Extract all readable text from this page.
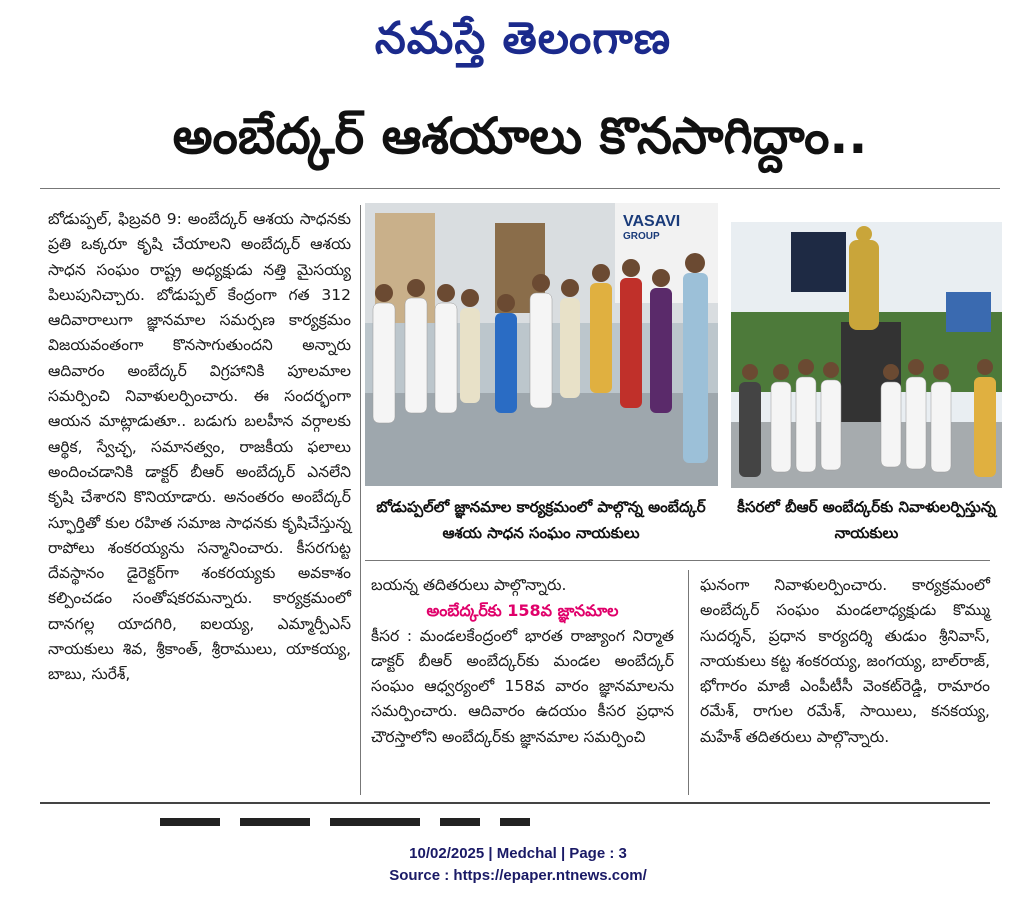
నమస్తే తెలంగాణ
అంబేద్కర్ ఆశయాలు కొనసాగిద్దాం..
బోడుప్పల్, ఫిబ్రవరి 9: అంబేద్కర్ ఆశయ సాధనకు ప్రతి ఒక్కరూ కృషి చేయాలని అంబేద్కర్ ఆశయ సాధన సంఘం రాష్ట్ర అధ్యక్షుడు నత్తి మైసయ్య పిలుపునిచ్చారు. బోడుప్పల్ కేంద్రంగా గత 312 ఆదివారాలుగా జ్ఞానమాల సమర్పణ కార్యక్రమం విజయవంతంగా కొనసాగుతుందని అన్నారు ఆదివారం అంబేద్కర్ విగ్రహానికి పూలమాల సమర్పించి నివాళులర్పించారు. ఈ సందర్భంగా ఆయన మాట్లాడుతూ.. బడుగు బలహీన వర్గాలకు ఆర్థిక, స్వేచ్ఛ, సమానత్వం, రాజకీయ ఫలాలు అందించడానికి డాక్టర్ బీఆర్ అంబేద్కర్ ఎనలేని కృషి చేశారని కొనియాడారు. అనంతరం అంబేద్కర్ స్ఫూర్తితో కుల రహిత సమాజ సాధనకు కృషిచేస్తున్న రాపోలు శంకరయ్యను సన్మానించారు. కీసరగుట్ట దేవస్థానం డైరెక్టర్‌గా శంకరయ్యకు అవకాశం కల్పించడం సంతోషకరమన్నారు. కార్యక్రమంలో దానగల్ల యాదగిరి, ఐలయ్య, ఎమ్మార్పీఎస్ నాయకులు శివ, శ్రీకాంత్, శ్రీరాములు, యాకయ్య, బాబు, సురేశ్,
VASAVI
GROUP
బోడుప్పల్‌లో జ్ఞానమాల కార్యక్రమంలో పాల్గొన్న అంబేద్కర్ ఆశయ సాధన సంఘం నాయకులు
కీసరలో బీఆర్ అంబేద్కర్‌కు నివాళులర్పిస్తున్న నాయకులు
బయన్న తదితరులు పాల్గొన్నారు.
అంబేద్కర్‌కు 158వ జ్ఞానమాల
కీసర : మండలకేంద్రంలో భారత రాజ్యాంగ నిర్మాత డాక్టర్ బీఆర్ అంబేద్కర్‌కు మండల అంబేద్కర్ సంఘం ఆధ్వర్యంలో 158వ వారం జ్ఞానమాలను సమర్పించారు. ఆదివారం ఉదయం కీసర ప్రధాన చౌరస్తాలోని అంబేద్కర్‌కు జ్ఞానమాల సమర్పించి
ఘనంగా నివాళులర్పించారు. కార్యక్రమంలో అంబేద్కర్ సంఘం మండలాధ్యక్షుడు కొమ్ము సుదర్శన్, ప్రధాన కార్యదర్శి తుడుం శ్రీనివాస్, నాయకులు కట్ట శంకరయ్య, జంగయ్య, బాల్‌రాజ్, భోగారం మాజీ ఎంపీటీసీ వెంకట్‌రెడ్డి, రామారం రమేశ్, రాగుల రమేశ్, సాయిలు, కనకయ్య, మహేశ్ తదితరులు పాల్గొన్నారు.
10/02/2025 | Medchal | Page : 3
Source : https://epaper.ntnews.com/
